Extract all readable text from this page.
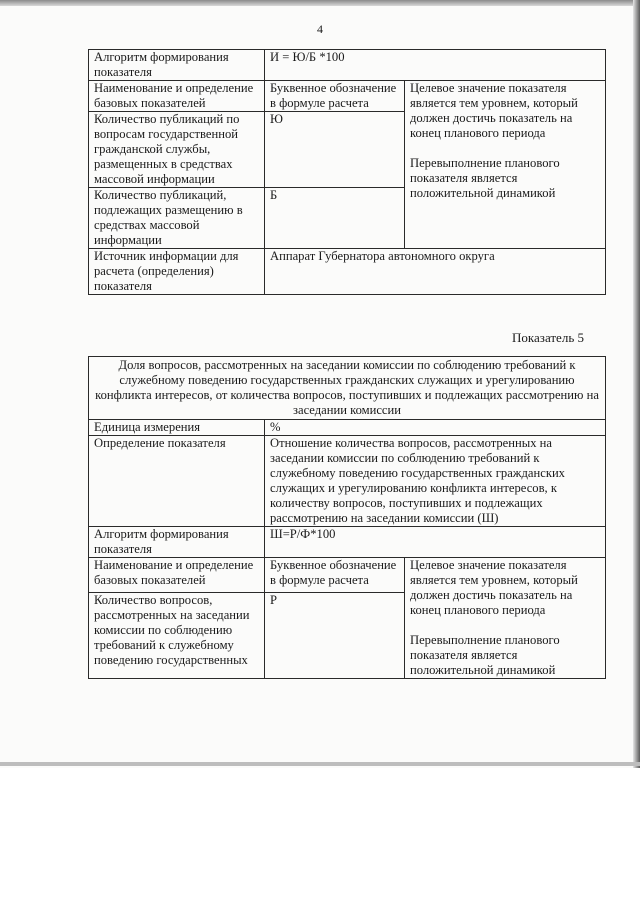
4
Алгоритм формирования показателя	И = Ю/Б *100	
Наименование и определение базовых показателей	Буквенное обозначение в формуле расчета	Целевое значение показателя является тем уровнем, который должен достичь показатель на конец планового периода
Перевыполнение планового показателя является положительной динамикой

Количество публикаций по вопросам государственной гражданской службы, размещенных в средствах массовой информации	Ю	
Количество публикаций, подлежащих размещению в средствах массовой информации	Б	
Источник информации для расчета (определения) показателя	Аппарат Губернатора автономного округа	
Показатель 5
Доля вопросов, рассмотренных на заседании комиссии по соблюдению требований к служебному поведению государственных гражданских служащих и урегулированию конфликта интересов, от количества вопросов, поступивших и подлежащих рассмотрению на заседании комиссии		
Единица измерения	%	
Определение показателя	Отношение количества вопросов, рассмотренных на заседании комиссии по соблюдению требований к служебному поведению государственных гражданских служащих и урегулированию конфликта интересов, к количеству вопросов, поступивших и подлежащих рассмотрению на заседании комиссии (Ш)	
Алгоритм формирования показателя	Ш=Р/Ф*100	
Наименование и определение базовых показателей	Буквенное обозначение в формуле расчета	Целевое значение показателя является тем уровнем, который должен достичь показатель на конец планового периода
Перевыполнение планового показателя является положительной динамикой

Количество вопросов, рассмотренных на заседании комиссии по соблюдению требований к служебному поведению государственных	Р	
